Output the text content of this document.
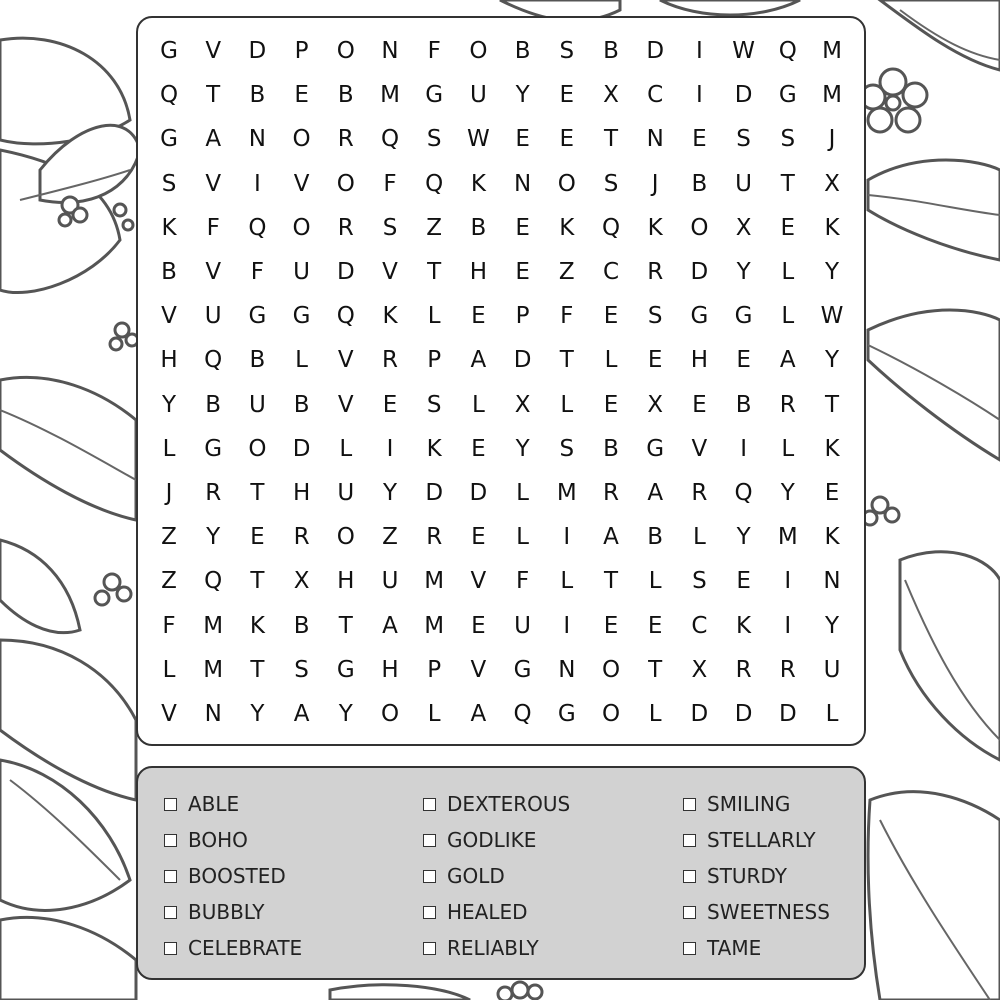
G	V	D	P	O	N	F	O	B	S	B	D	I	W	Q	M
Q	T	B	E	B	M	G	U	Y	E	X	C	I	D	G	M
G	A	N	O	R	Q	S	W	E	E	T	N	E	S	S	J
S	V	I	V	O	F	Q	K	N	O	S	J	B	U	T	X
K	F	Q	O	R	S	Z	B	E	K	Q	K	O	X	E	K
B	V	F	U	D	V	T	H	E	Z	C	R	D	Y	L	Y
V	U	G	G	Q	K	L	E	P	F	E	S	G	G	L	W
H	Q	B	L	V	R	P	A	D	T	L	E	H	E	A	Y
Y	B	U	B	V	E	S	L	X	L	E	X	E	B	R	T
L	G	O	D	L	I	K	E	Y	S	B	G	V	I	L	K
J	R	T	H	U	Y	D	D	L	M	R	A	R	Q	Y	E
Z	Y	E	R	O	Z	R	E	L	I	A	B	L	Y	M	K
Z	Q	T	X	H	U	M	V	F	L	T	L	S	E	I	N
F	M	K	B	T	A	M	E	U	I	E	E	C	K	I	Y
L	M	T	S	G	H	P	V	G	N	O	T	X	R	R	U
V	N	Y	A	Y	O	L	A	Q	G	O	L	D	D	D	L
ABLE
BOHO
BOOSTED
BUBBLY
CELEBRATE
DEXTEROUS
GODLIKE
GOLD
HEALED
RELIABLY
SMILING
STELLARLY
STURDY
SWEETNESS
TAME
